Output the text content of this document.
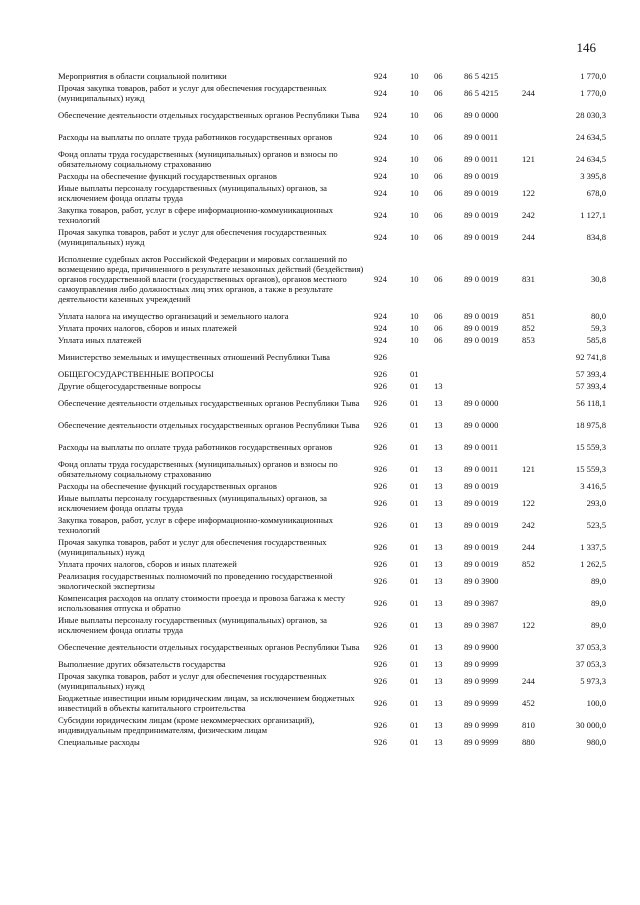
146
Мероприятия в области социальной политики	924	10	06	86 5 4215		1 770,0
Прочая закупка товаров, работ и услуг для обеспечения государственных (муниципальных) нужд	924	10	06	86 5 4215	244	1 770,0
Обеспечение деятельности отдельных государственных органов Республики Тыва	924	10	06	89 0 0000		28 030,3
Расходы на выплаты по оплате труда работников государственных органов	924	10	06	89 0 0011		24 634,5
Фонд оплаты труда государственных (муниципальных) органов и взносы по обязательному социальному страхованию	924	10	06	89 0 0011	121	24 634,5
Расходы на обеспечение функций государственных органов	924	10	06	89 0 0019		3 395,8
Иные выплаты персоналу государственных (муниципальных) органов, за исключением фонда оплаты труда	924	10	06	89 0 0019	122	678,0
Закупка товаров, работ, услуг в сфере информационно-коммуникационных технологий	924	10	06	89 0 0019	242	1 127,1
Прочая закупка товаров, работ и услуг для обеспечения государственных (муниципальных) нужд	924	10	06	89 0 0019	244	834,8
Исполнение судебных актов Российской Федерации и мировых соглашений по возмещению вреда, причиненного в результате незаконных действий (бездействия) органов государственной власти (государственных органов), органов местного самоуправления либо должностных лиц этих органов, а также в результате деятельности казенных учреждений	924	10	06	89 0 0019	831	30,8
Уплата налога на имущество организаций и земельного налога	924	10	06	89 0 0019	851	80,0
Уплата прочих налогов, сборов и иных платежей	924	10	06	89 0 0019	852	59,3
Уплата иных платежей	924	10	06	89 0 0019	853	585,8
Министерство земельных и имущественных отношений Республики Тыва	926					92 741,8
ОБЩЕГОСУДАРСТВЕННЫЕ ВОПРОСЫ	926	01				57 393,4
Другие общегосударственные вопросы	926	01	13			57 393,4
Обеспечение деятельности отдельных государственных органов Республики Тыва	926	01	13	89 0 0000		56 118,1
Обеспечение деятельности отдельных государственных органов Республики Тыва	926	01	13	89 0 0000		18 975,8
Расходы на выплаты по оплате труда работников государственных органов	926	01	13	89 0 0011		15 559,3
Фонд оплаты труда государственных (муниципальных) органов и взносы по обязательному социальному страхованию	926	01	13	89 0 0011	121	15 559,3
Расходы на обеспечение функций государственных органов	926	01	13	89 0 0019		3 416,5
Иные выплаты персоналу государственных (муниципальных) органов, за исключением фонда оплаты труда	926	01	13	89 0 0019	122	293,0
Закупка товаров, работ, услуг в сфере информационно-коммуникационных технологий	926	01	13	89 0 0019	242	523,5
Прочая закупка товаров, работ и услуг для обеспечения государственных (муниципальных) нужд	926	01	13	89 0 0019	244	1 337,5
Уплата прочих налогов, сборов и иных платежей	926	01	13	89 0 0019	852	1 262,5
Реализация государственных полномочий по проведению государственной экологической экспертизы	926	01	13	89 0 3900		89,0
Компенсация расходов на оплату стоимости проезда и провоза багажа к месту использования отпуска и обратно	926	01	13	89 0 3987		89,0
Иные выплаты персоналу государственных (муниципальных) органов, за исключением фонда оплаты труда	926	01	13	89 0 3987	122	89,0
Обеспечение деятельности отдельных государственных органов Республики Тыва	926	01	13	89 0 9900		37 053,3
Выполнение других обязательств государства	926	01	13	89 0 9999		37 053,3
Прочая закупка товаров, работ и услуг для обеспечения государственных (муниципальных) нужд	926	01	13	89 0 9999	244	5 973,3
Бюджетные инвестиции иным юридическим лицам, за исключением бюджетных инвестиций в объекты капитального строительства	926	01	13	89 0 9999	452	100,0
Субсидии юридическим лицам (кроме некоммерческих организаций), индивидуальным предпринимателям, физическим лицам	926	01	13	89 0 9999	810	30 000,0
Специальные расходы	926	01	13	89 0 9999	880	980,0
